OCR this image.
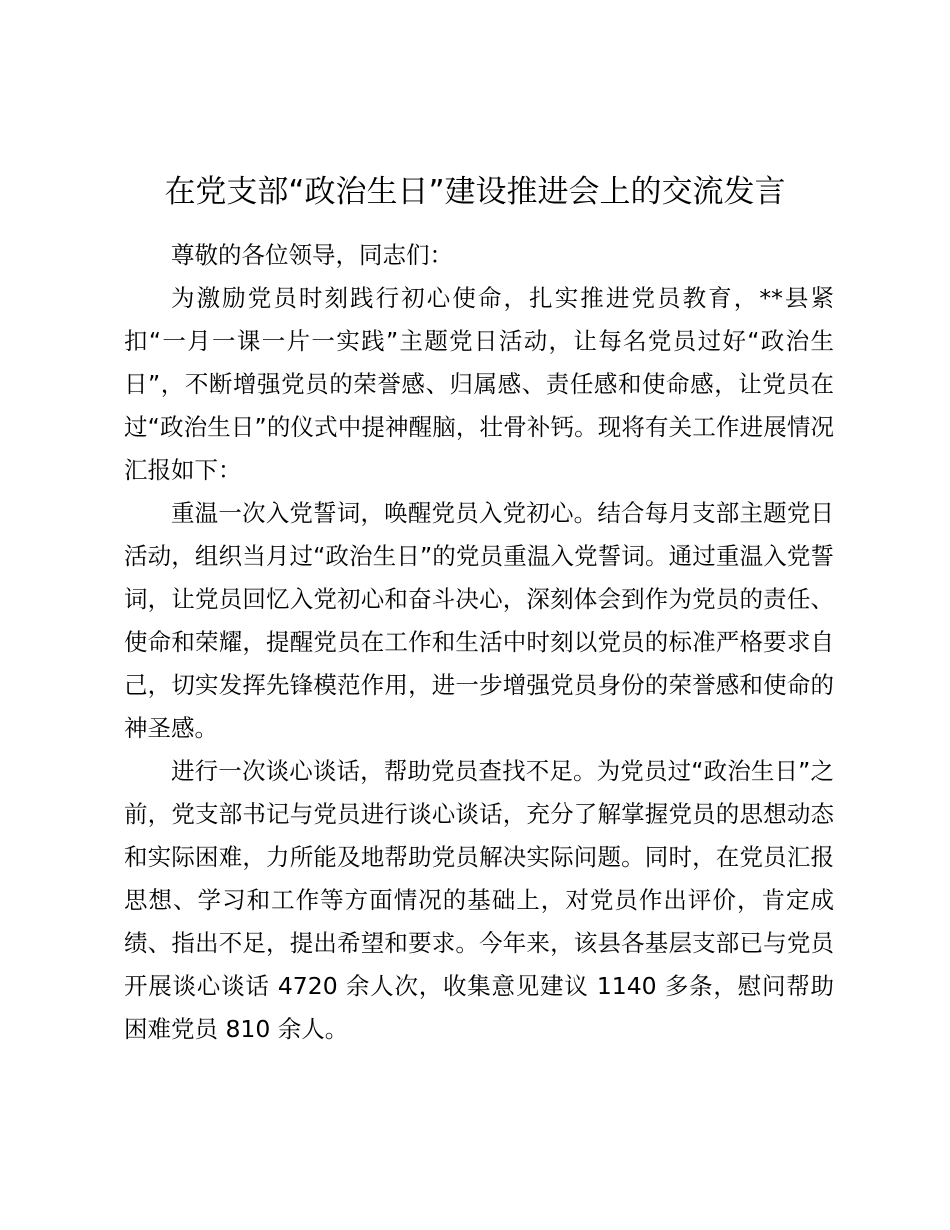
在党支部“政治生日”建设推进会上的交流发言

尊敬的各位领导，同志们：

为激励党员时刻践行初心使命，扎实推进党员教育，**县紧扣“一月一课一片一实践”主题党日活动，让每名党员过好“政治生日”，不断增强党员的荣誉感、归属感、责任感和使命感，让党员在过“政治生日”的仪式中提神醒脑，壮骨补钙。现将有关工作进展情况汇报如下：

重温一次入党誓词，唤醒党员入党初心。结合每月支部主题党日活动，组织当月过“政治生日”的党员重温入党誓词。通过重温入党誓词，让党员回忆入党初心和奋斗决心，深刻体会到作为党员的责任、使命和荣耀，提醒党员在工作和生活中时刻以党员的标准严格要求自己，切实发挥先锋模范作用，进一步增强党员身份的荣誉感和使命的神圣感。

进行一次谈心谈话，帮助党员查找不足。为党员过“政治生日”之前，党支部书记与党员进行谈心谈话，充分了解掌握党员的思想动态和实际困难，力所能及地帮助党员解决实际问题。同时，在党员汇报思想、学习和工作等方面情况的基础上，对党员作出评价，肯定成绩、指出不足，提出希望和要求。今年来，该县各基层支部已与党员开展谈心谈话 4720 余人次，收集意见建议 1140 多条，慰问帮助困难党员 810 余人。
